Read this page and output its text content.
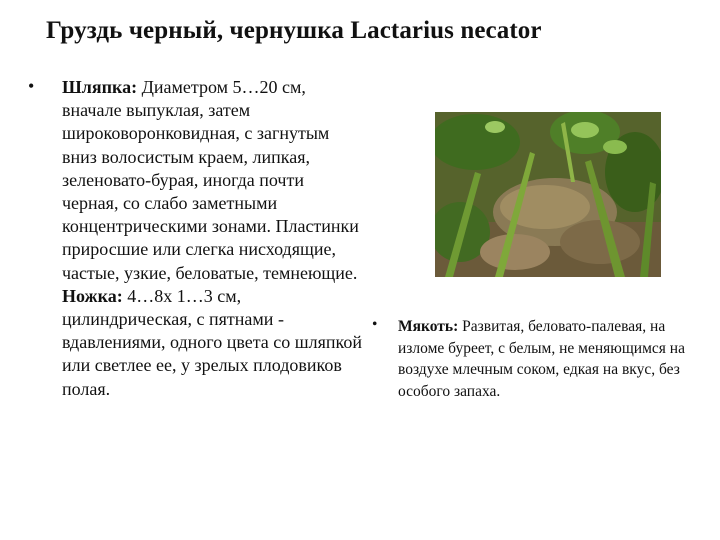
Груздь черный, чернушка Lactarius necator
• Шляпка: Диаметром 5…20 см, вначале выпуклая, затем широковоронковидная, с загнутым вниз волосистым краем, липкая, зеленовато-бурая, иногда почти черная, со слабо заметными концентрическими зонами. Пластинки приросшие или слегка нисходящие, частые, узкие, беловатые, темнеющие.
Ножка: 4…8х 1…3 см, цилиндрическая, с пятнами - вдавлениями, одного цвета со шляпкой или светлее ее, у зрелых плодовиков полая.
• Мякоть: Развитая, беловато-палевая, на изломе буреет, с белым, не меняющимся на воздухе млечным соком, едкая на вкус, без особого запаха.
